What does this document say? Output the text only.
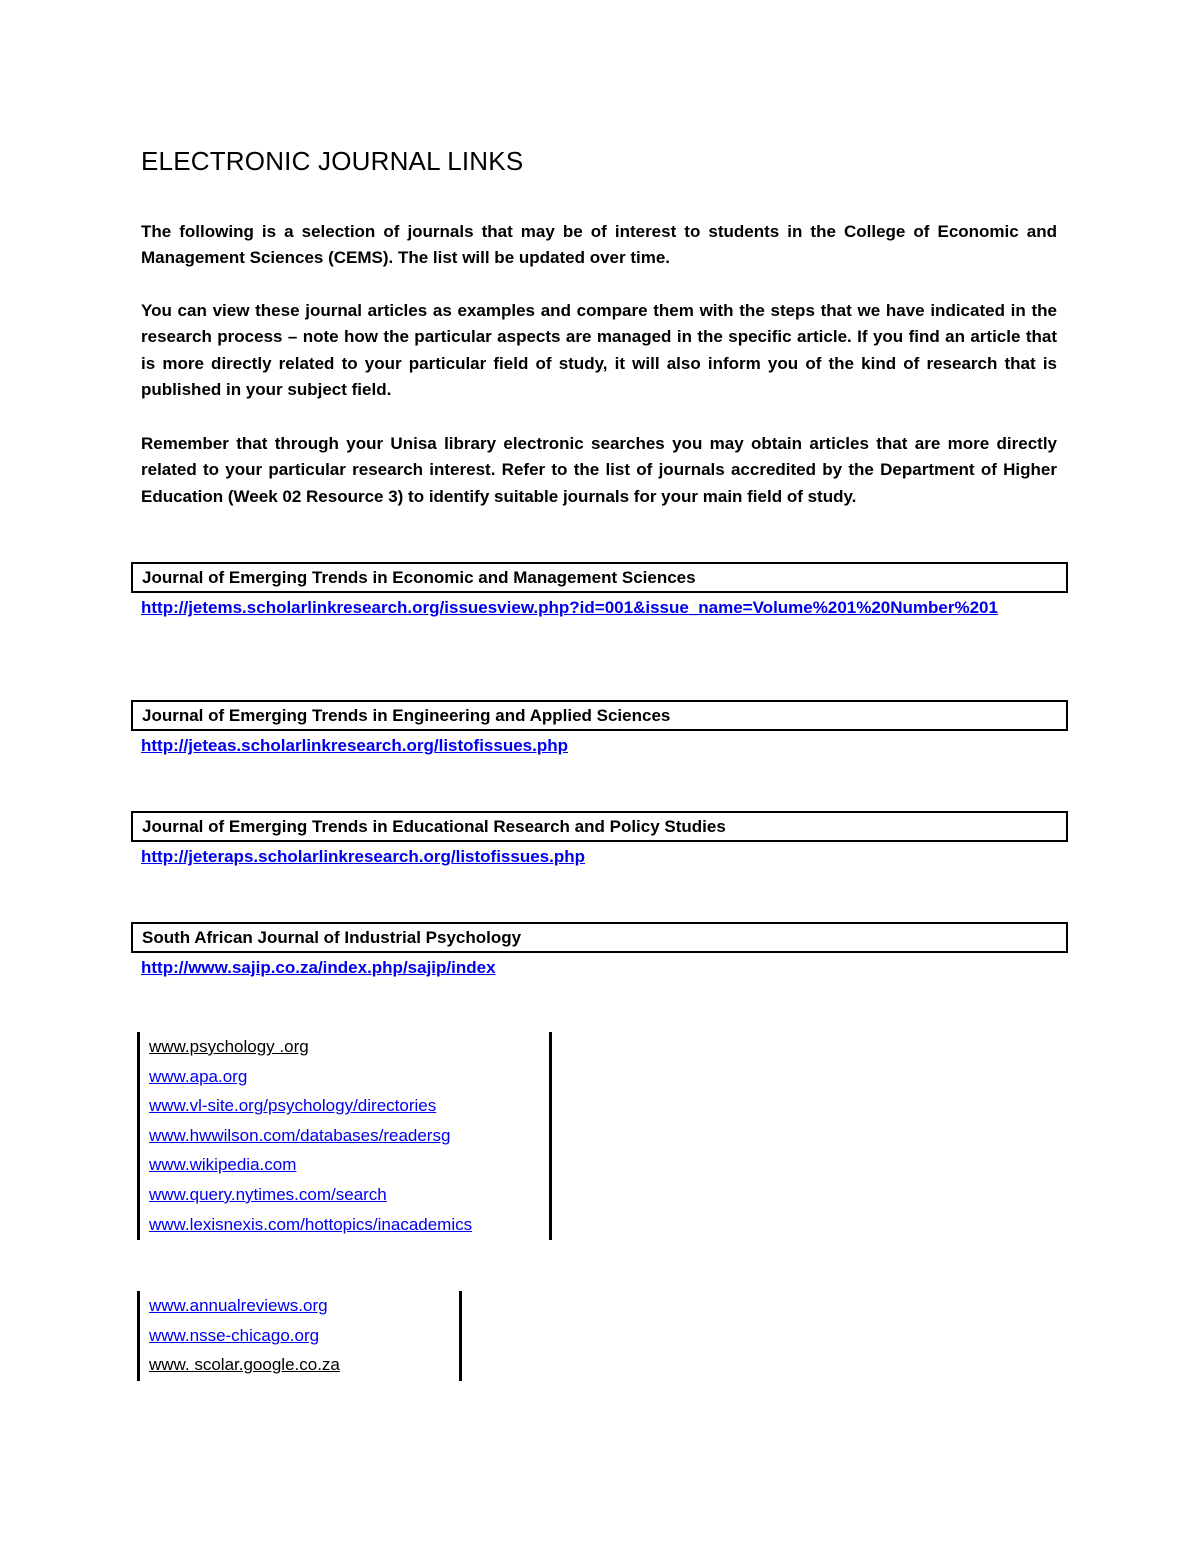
ELECTRONIC JOURNAL LINKS

The following is a selection of journals that may be of interest to students in the College of Economic and Management Sciences (CEMS). The list will be updated over time.

You can view these journal articles as examples and compare them with the steps that we have indicated in the research process – note how the particular aspects are managed in the specific article. If you find an article that is more directly related to your particular field of study, it will also inform you of the kind of research that is published in your subject field.

Remember that through your Unisa library electronic searches you may obtain articles that are more directly related to your particular research interest. Refer to the list of journals accredited by the Department of Higher Education (Week 02 Resource 3) to identify suitable journals for your main field of study.

Journal of Emerging Trends in Economic and Management Sciences
http://jetems.scholarlinkresearch.org/issuesview.php?id=001&issue_name=Volume%201%20Number%201
Journal of Emerging Trends in Engineering and Applied Sciences
http://jeteas.scholarlinkresearch.org/listofissues.php
Journal of Emerging Trends in Educational Research and Policy Studies
http://jeteraps.scholarlinkresearch.org/listofissues.php
South African Journal of Industrial Psychology
http://www.sajip.co.za/index.php/sajip/index
www.psychology .org
www.apa.org
www.vl-site.org/psychology/directories
www.hwwilson.com/databases/readersg
www.wikipedia.com
www.query.nytimes.com/search
www.lexisnexis.com/hottopics/inacademics
www.annualreviews.org
www.nsse-chicago.org
www. scolar.google.co.za
